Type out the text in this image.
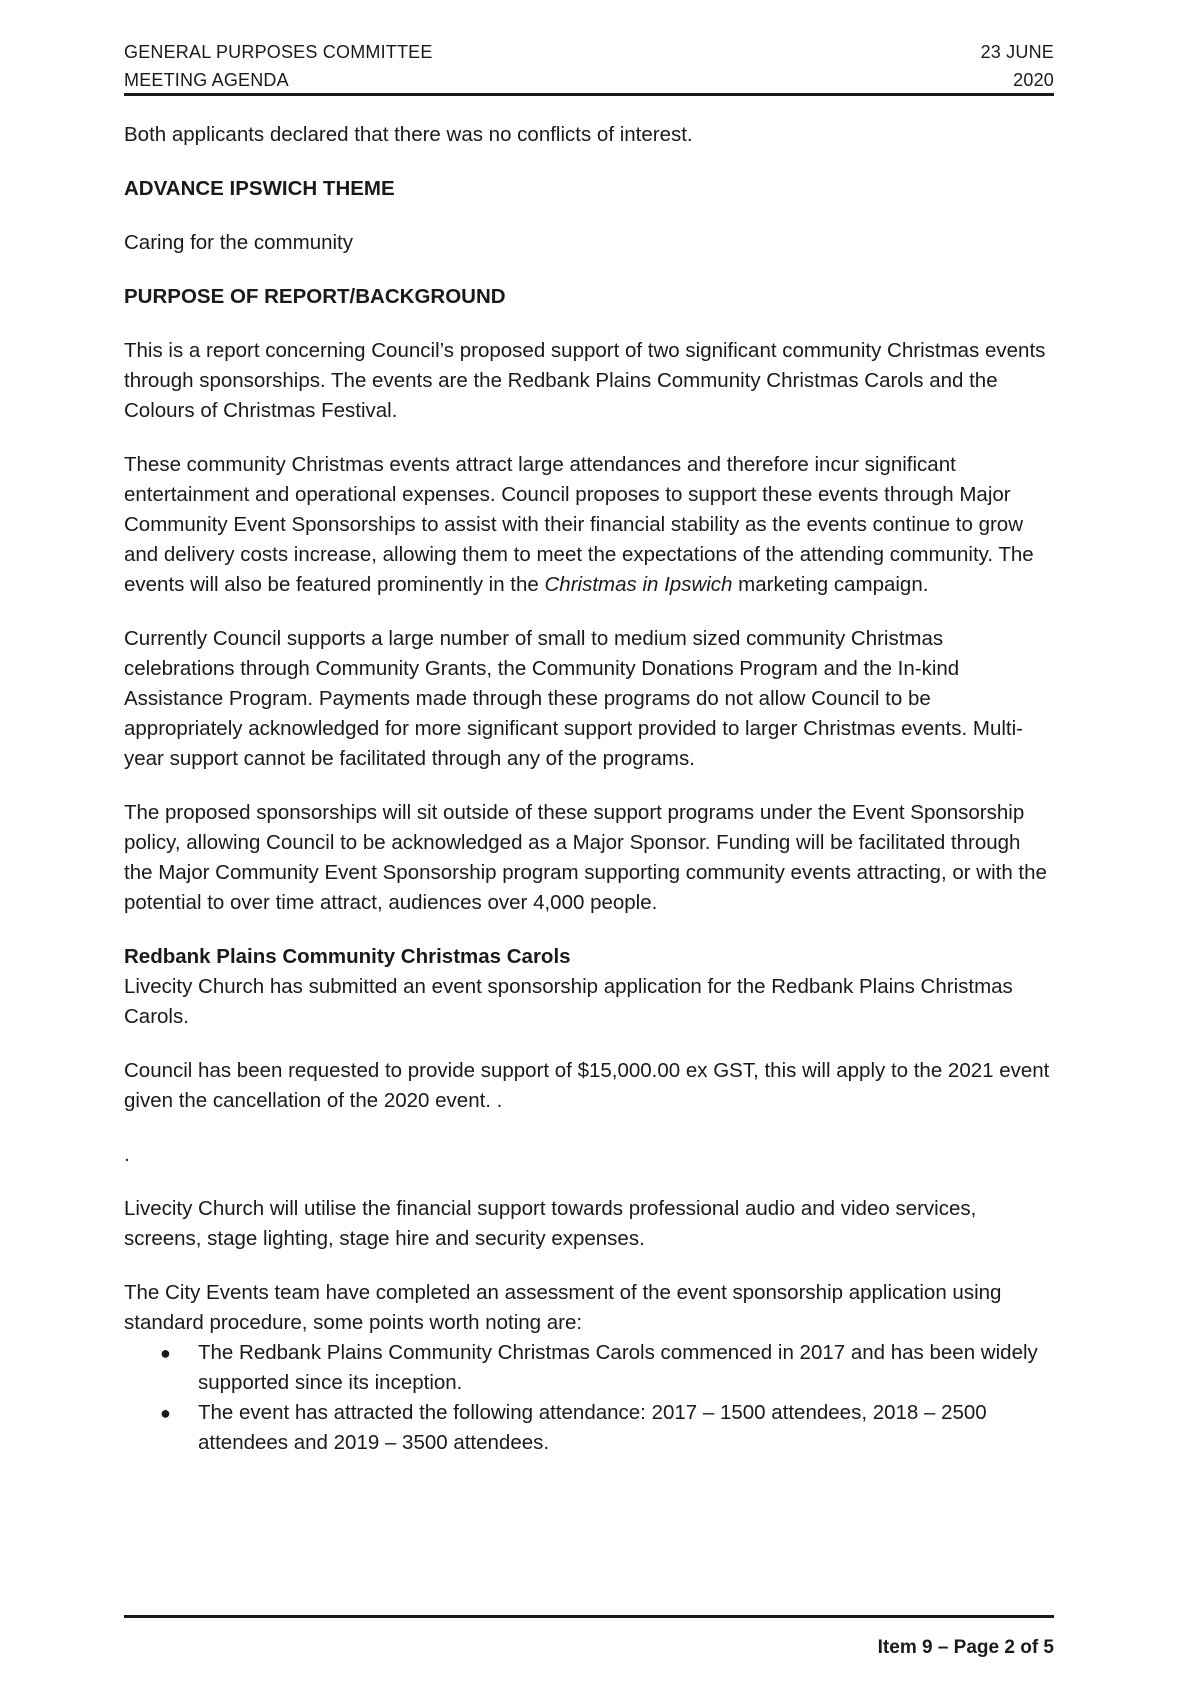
GENERAL PURPOSES COMMITTEE
MEETING AGENDA
23 JUNE
2020

Both applicants declared that there was no conflicts of interest.

ADVANCE IPSWICH THEME

Caring for the community

PURPOSE OF REPORT/BACKGROUND

This is a report concerning Council’s proposed support of two significant community Christmas events through sponsorships. The events are the Redbank Plains Community Christmas Carols and the Colours of Christmas Festival.

These community Christmas events attract large attendances and therefore incur significant entertainment and operational expenses. Council proposes to support these events through Major Community Event Sponsorships to assist with their financial stability as the events continue to grow and delivery costs increase, allowing them to meet the expectations of the attending community. The events will also be featured prominently in the Christmas in Ipswich marketing campaign.

Currently Council supports a large number of small to medium sized community Christmas celebrations through Community Grants, the Community Donations Program and the In-kind Assistance Program. Payments made through these programs do not allow Council to be appropriately acknowledged for more significant support provided to larger Christmas events. Multi-year support cannot be facilitated through any of the programs.

The proposed sponsorships will sit outside of these support programs under the Event Sponsorship policy, allowing Council to be acknowledged as a Major Sponsor. Funding will be facilitated through the Major Community Event Sponsorship program supporting community events attracting, or with the potential to over time attract, audiences over 4,000 people.

Redbank Plains Community Christmas Carols
Livecity Church has submitted an event sponsorship application for the Redbank Plains Christmas Carols.

Council has been requested to provide support of $15,000.00 ex GST, this will apply to the 2021 event given the cancellation of the 2020 event. .

.

Livecity Church will utilise the financial support towards professional audio and video services, screens, stage lighting, stage hire and security expenses.

The City Events team have completed an assessment of the event sponsorship application using standard procedure, some points worth noting are:

● The Redbank Plains Community Christmas Carols commenced in 2017 and has been widely supported since its inception.
● The event has attracted the following attendance: 2017 – 1500 attendees, 2018 – 2500 attendees and 2019 – 3500 attendees.
Item 9 – Page 2 of 5
